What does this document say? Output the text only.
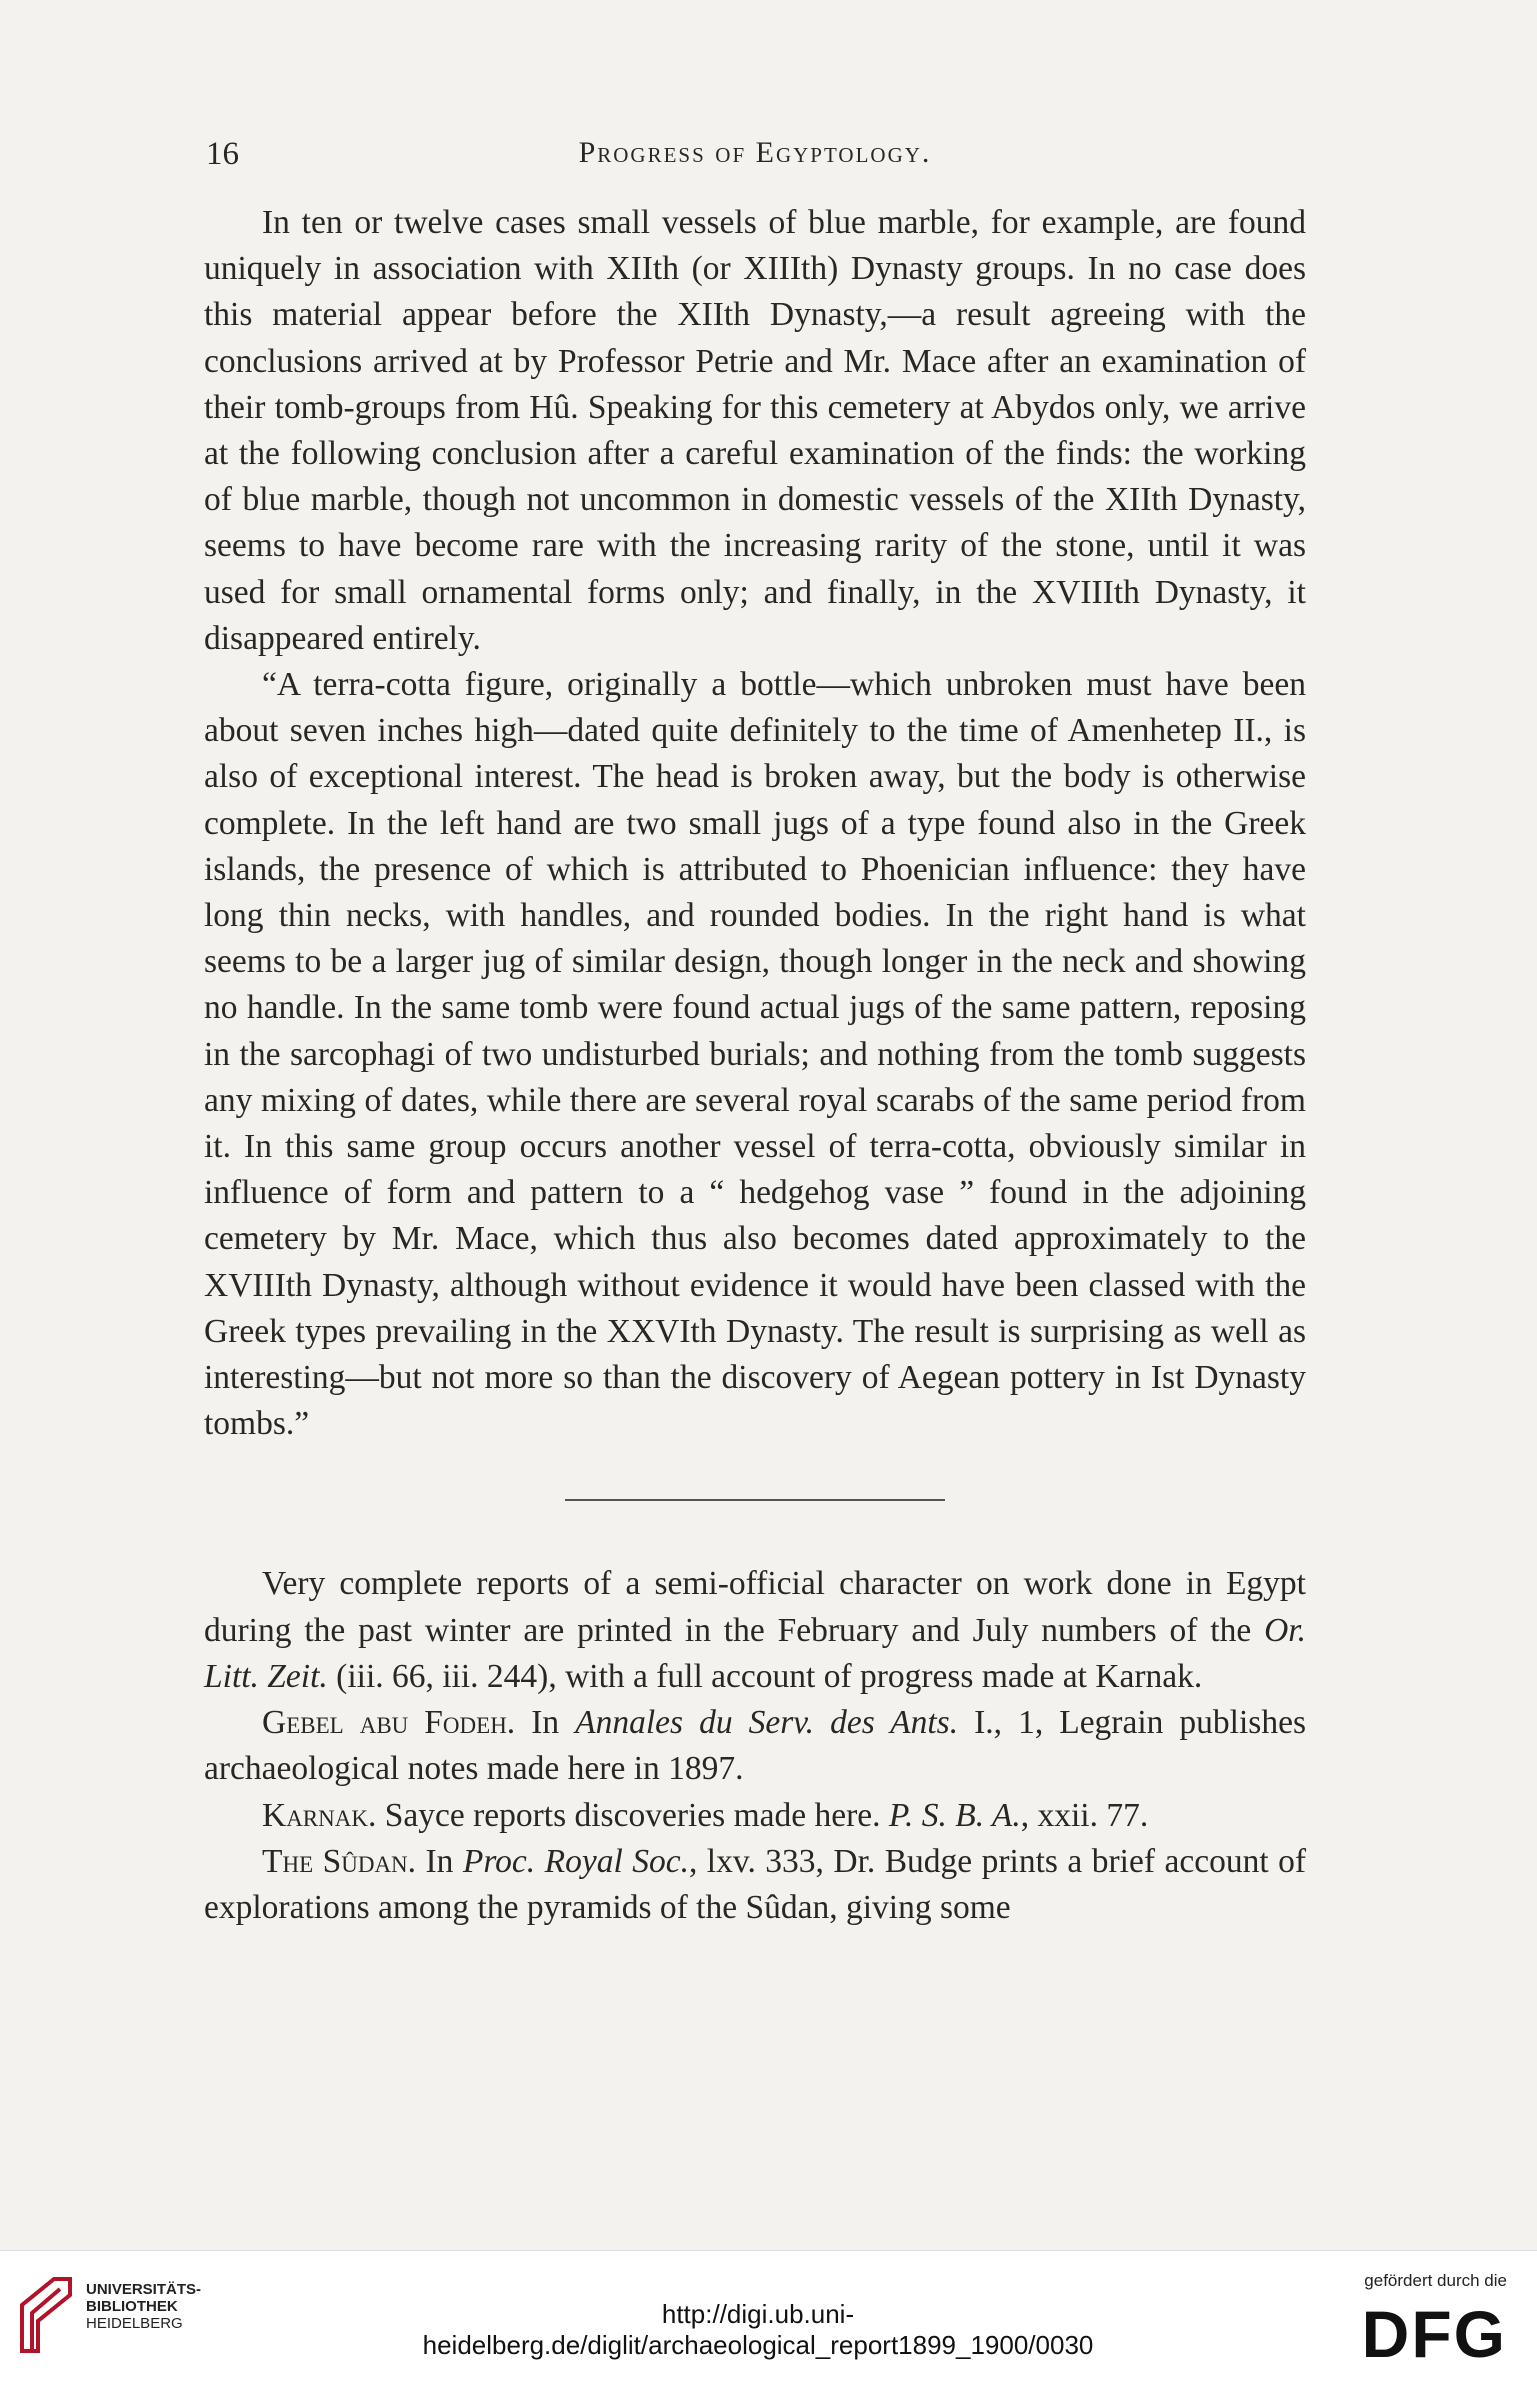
16	Progress of Egyptology.

In ten or twelve cases small vessels of blue marble, for example, are found uniquely in association with XIIth (or XIIIth) Dynasty groups. In no case does this material appear before the XIIth Dynasty,—a result agreeing with the conclusions arrived at by Professor Petrie and Mr. Mace after an examination of their tomb-groups from Hû. Speaking for this cemetery at Abydos only, we arrive at the following conclusion after a careful examination of the finds: the working of blue marble, though not uncommon in domestic vessels of the XIIth Dynasty, seems to have become rare with the increasing rarity of the stone, until it was used for small ornamental forms only; and finally, in the XVIIIth Dynasty, it disappeared entirely.

“A terra-cotta figure, originally a bottle—which unbroken must have been about seven inches high—dated quite definitely to the time of Amenhetep II., is also of exceptional interest. The head is broken away, but the body is otherwise complete. In the left hand are two small jugs of a type found also in the Greek islands, the presence of which is attributed to Phoenician influence: they have long thin necks, with handles, and rounded bodies. In the right hand is what seems to be a larger jug of similar design, though longer in the neck and showing no handle. In the same tomb were found actual jugs of the same pattern, reposing in the sarcophagi of two undisturbed burials; and nothing from the tomb suggests any mixing of dates, while there are several royal scarabs of the same period from it. In this same group occurs another vessel of terra-cotta, obviously similar in influence of form and pattern to a “ hedgehog vase ” found in the adjoining cemetery by Mr. Mace, which thus also becomes dated approximately to the XVIIIth Dynasty, although without evidence it would have been classed with the Greek types prevailing in the XXVIth Dynasty. The result is surprising as well as interesting—but not more so than the discovery of Aegean pottery in Ist Dynasty tombs.”

Very complete reports of a semi-official character on work done in Egypt during the past winter are printed in the February and July numbers of the Or. Litt. Zeit. (iii. 66, iii. 244), with a full account of progress made at Karnak.

Gebel abu Fodeh. In Annales du Serv. des Ants. I., 1, Legrain publishes archaeological notes made here in 1897.

Karnak. Sayce reports discoveries made here. P. S. B. A., xxii. 77.

The Sûdan. In Proc. Royal Soc., lxv. 333, Dr. Budge prints a brief account of explorations among the pyramids of the Sûdan, giving some

UNIVERSITÄTS-
BIBLIOTHEK
HEIDELBERG	http://digi.ub.uni-heidelberg.de/diglit/archaeological_report1899_1900/0030
gefördert durch die
DFG
